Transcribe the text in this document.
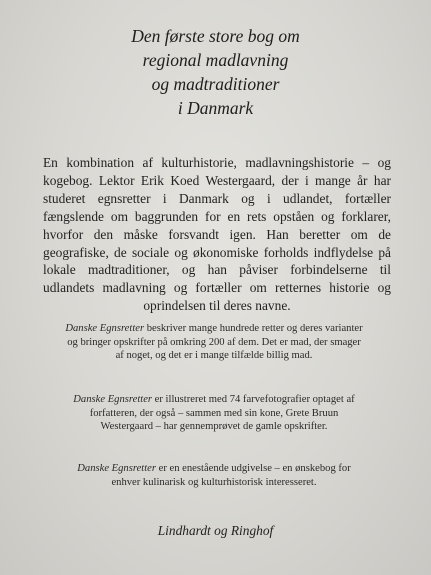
Den første store bog om
regional madlavning
og madtraditioner
i Danmark
En kombination af kulturhistorie, madlavningshistorie – og kogebog. Lektor Erik Koed Westergaard, der i mange år har studeret egnsretter i Danmark og i udlandet, fortæller fængslende om baggrunden for en rets opståen og forklarer, hvorfor den måske forsvandt igen. Han beretter om de geografiske, de sociale og økonomiske forholds indflydelse på lokale madtraditioner, og han påviser forbindelserne til udlandets madlavning og fortæller om retternes historie og oprindelsen til deres navne.
Danske Egnsretter beskriver mange hundrede retter og deres varianter og bringer opskrifter på omkring 200 af dem. Det er mad, der smager af noget, og det er i mange tilfælde billig mad.
Danske Egnsretter er illustreret med 74 farvefotografier optaget af forfatteren, der også – sammen med sin kone, Grete Bruun Westergaard – har gennemprøvet de gamle opskrifter.
Danske Egnsretter er en enestående udgivelse – en ønskebog for enhver kulinarisk og kulturhistorisk interesseret.
Lindhardt og Ringhof
